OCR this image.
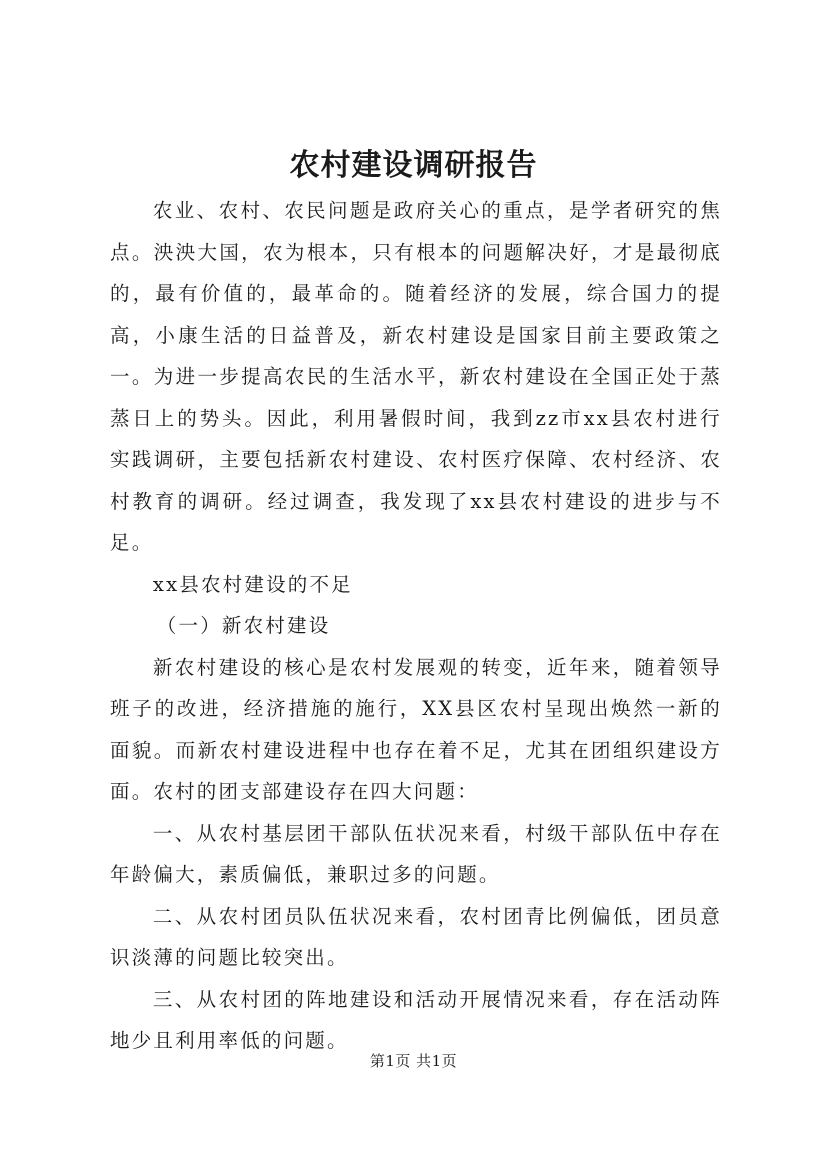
农村建设调研报告

农业、农村、农民问题是政府关心的重点，是学者研究的焦点。泱泱大国，农为根本，只有根本的问题解决好，才是最彻底的，最有价值的，最革命的。随着经济的发展，综合国力的提高，小康生活的日益普及，新农村建设是国家目前主要政策之一。为进一步提高农民的生活水平，新农村建设在全国正处于蒸蒸日上的势头。因此，利用暑假时间，我到zz市xx县农村进行实践调研，主要包括新农村建设、农村医疗保障、农村经济、农村教育的调研。经过调查，我发现了xx县农村建设的进步与不足。

xx县农村建设的不足

（一）新农村建设

新农村建设的核心是农村发展观的转变，近年来，随着领导班子的改进，经济措施的施行，XX县区农村呈现出焕然一新的面貌。而新农村建设进程中也存在着不足，尤其在团组织建设方面。农村的团支部建设存在四大问题：

一、从农村基层团干部队伍状况来看，村级干部队伍中存在年龄偏大，素质偏低，兼职过多的问题。

二、从农村团员队伍状况来看，农村团青比例偏低，团员意识淡薄的问题比较突出。

三、从农村团的阵地建设和活动开展情况来看，存在活动阵地少且利用率低的问题。

第1页 共1页
